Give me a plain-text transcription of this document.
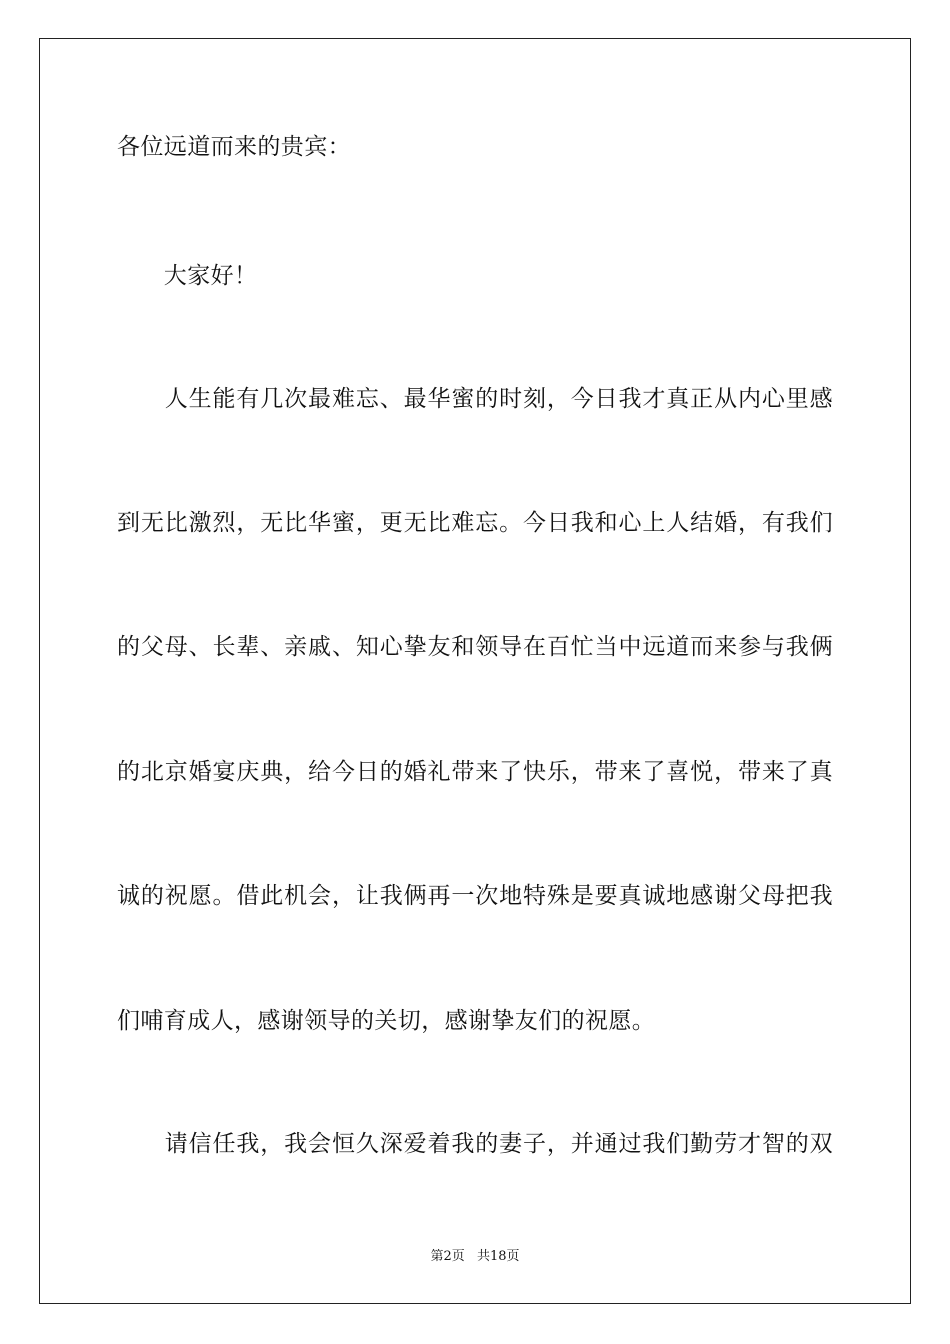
各位远道而来的贵宾：
　　大家好！
　　人生能有几次最难忘、最华蜜的时刻，今日我才真正从内心里感
到无比激烈，无比华蜜，更无比难忘。今日我和心上人结婚，有我们
的父母、长辈、亲戚、知心挚友和领导在百忙当中远道而来参与我俩
的北京婚宴庆典，给今日的婚礼带来了快乐，带来了喜悦，带来了真
诚的祝愿。借此机会，让我俩再一次地特殊是要真诚地感谢父母把我
们哺育成人，感谢领导的关切，感谢挚友们的祝愿。
　　请信任我，我会恒久深爱着我的妻子，并通过我们勤劳才智的双
第2页 共18页
